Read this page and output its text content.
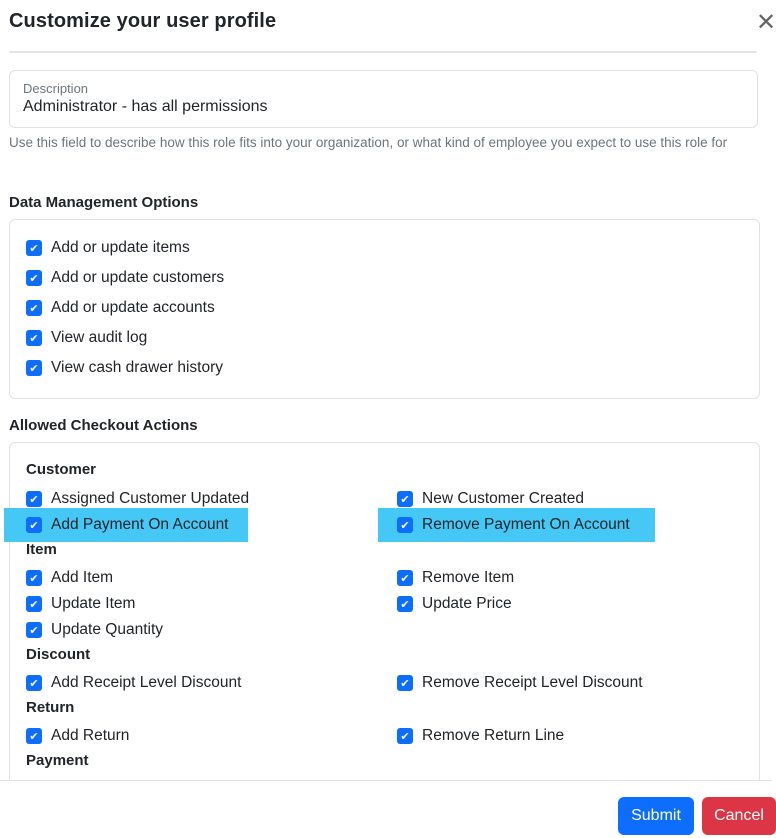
Customize your user profile	✕
Description
Administrator - has all permissions
Use this field to describe how this role fits into your organization, or what kind of employee you expect to use this role for
Data Management Options
✔ Add or update items
✔ Add or update customers
✔ Add or update accounts
✔ View audit log
✔ View cash drawer history
Allowed Checkout Actions
Customer
✔ Assigned Customer Updated	✔ New Customer Created
✔ Add Payment On Account	✔ Remove Payment On Account
Item
✔ Add Item	✔ Remove Item
✔ Update Item	✔ Update Price
✔ Update Quantity
Discount
✔ Add Receipt Level Discount	✔ Remove Receipt Level Discount
Return
✔ Add Return	✔ Remove Return Line
Payment
Submit	Cancel
